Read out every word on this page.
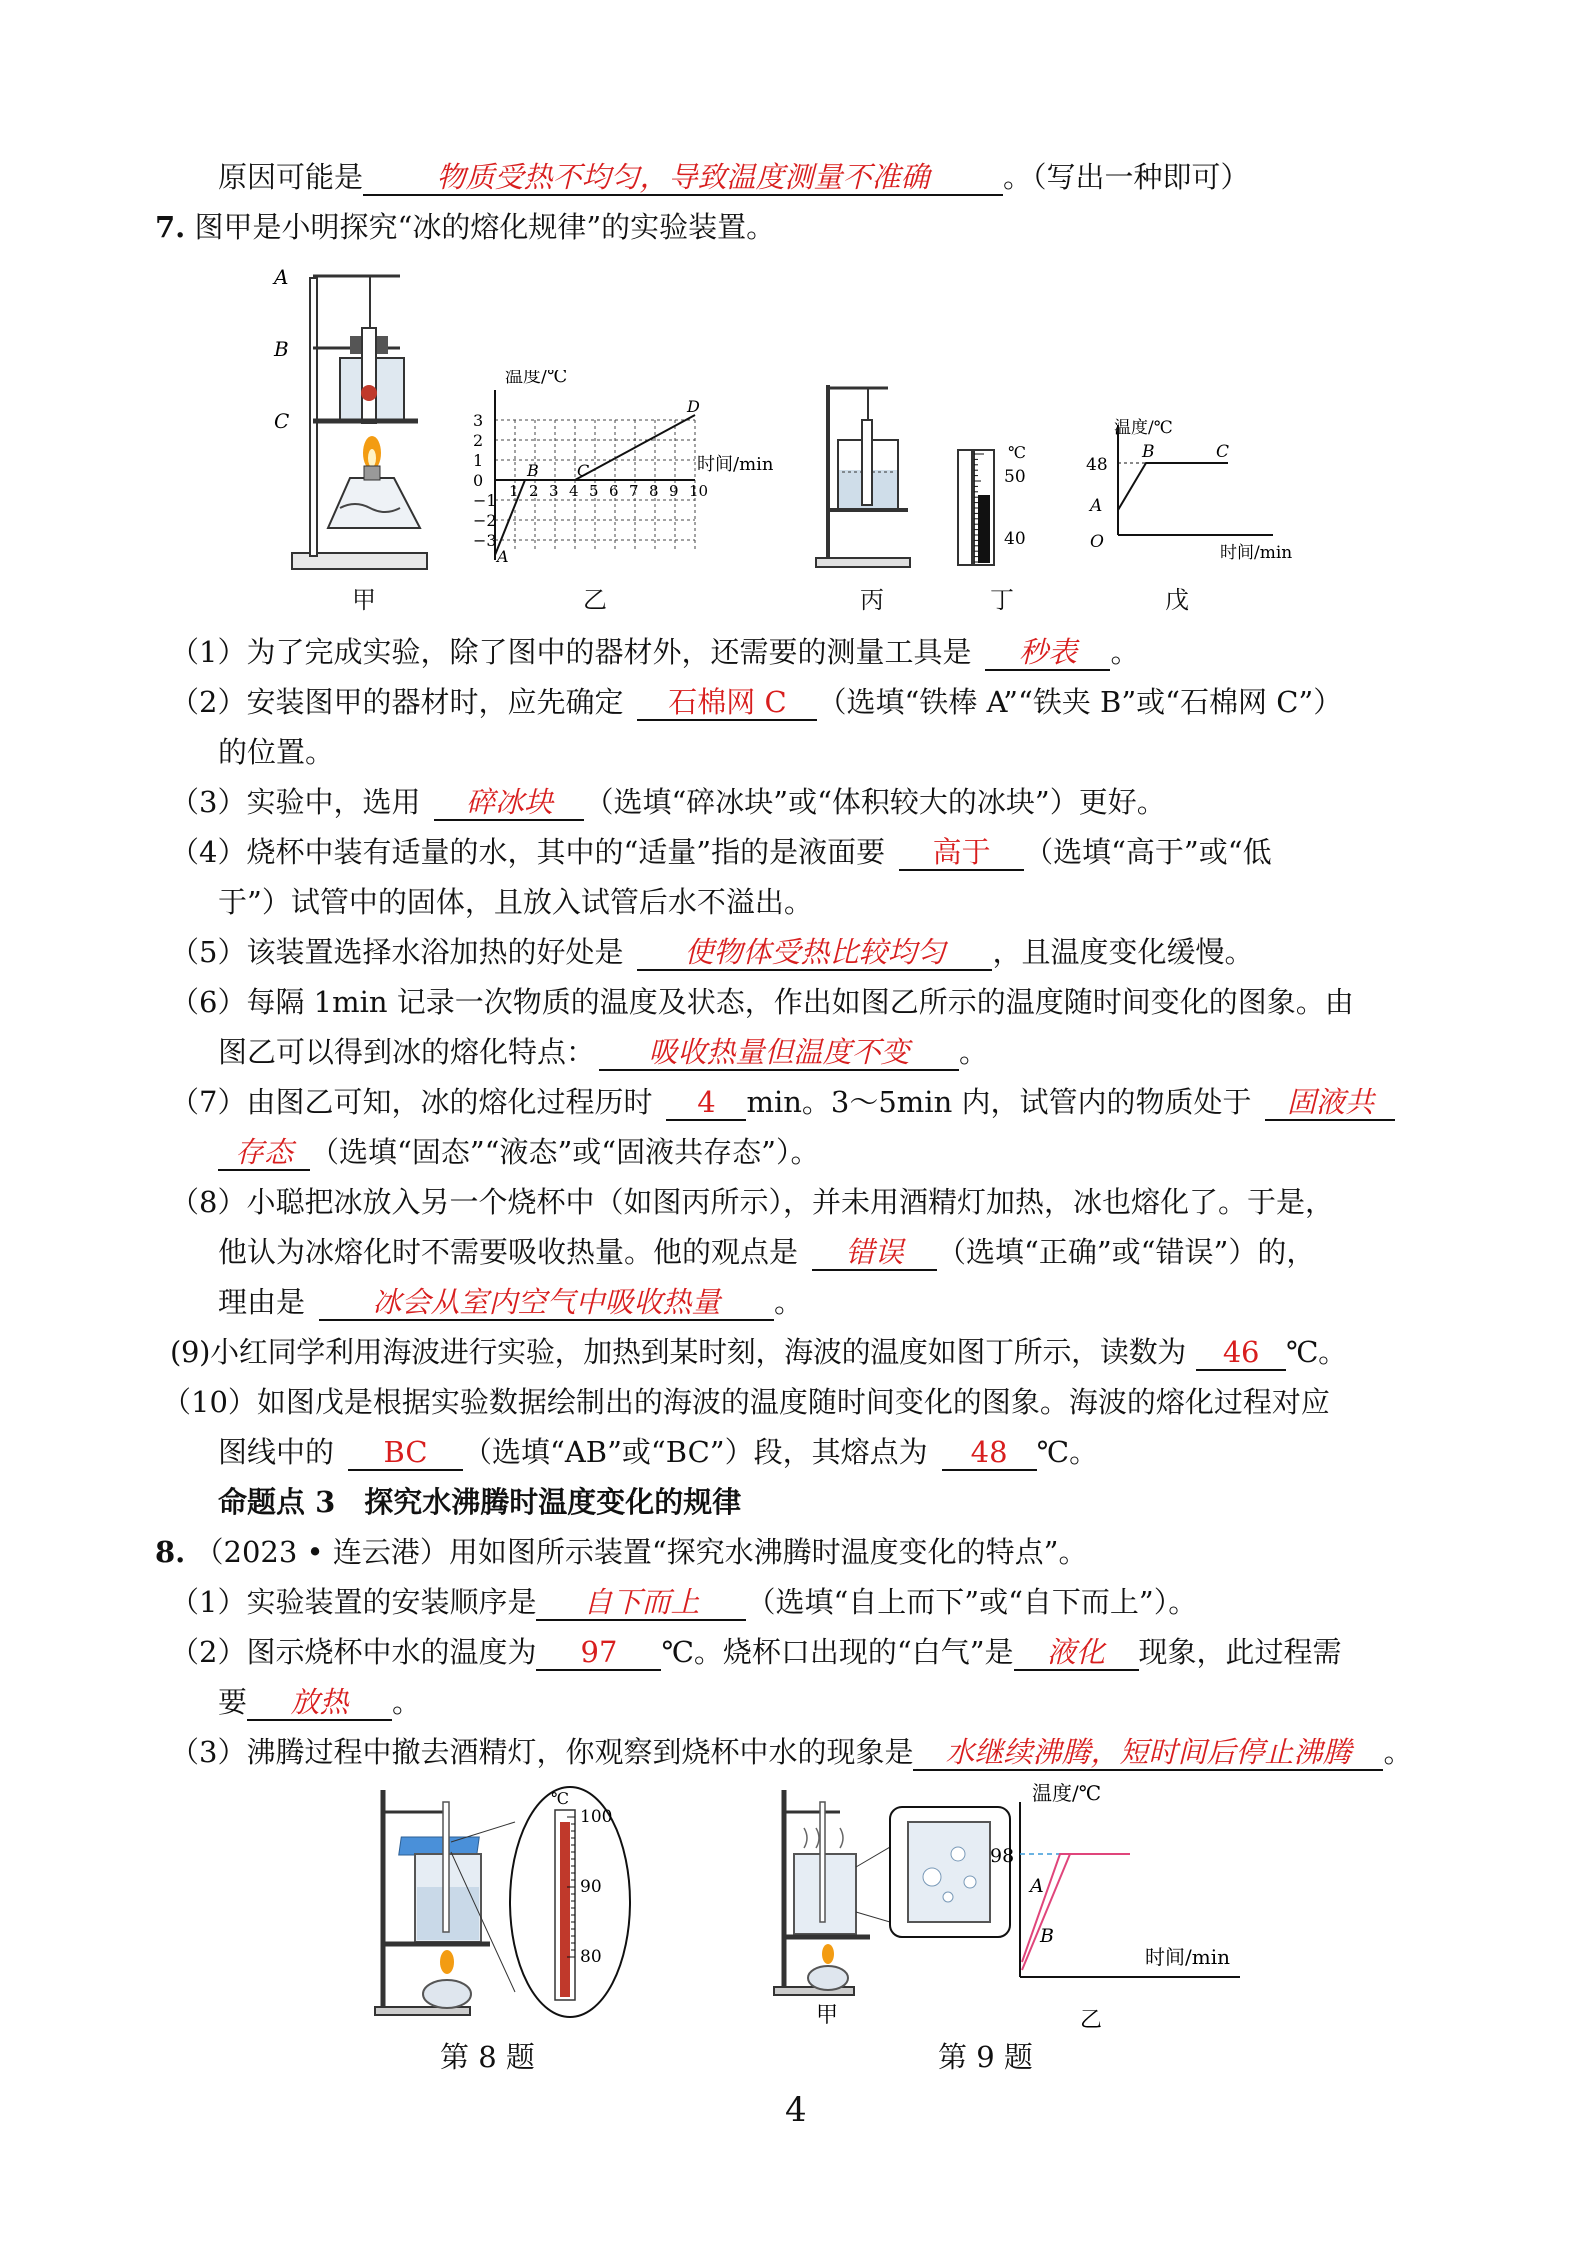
原因可能是	物质受热不均匀，导致温度测量不准确	。（写出一种即可）
7. 图甲是小明探究“冰的熔化规律”的实验装置。
A
B
C
甲
温度/℃
时间/min
3
2
1
0
−1
−2
−3
1 2 3 4 5 6 7 8 9 10
A
B C
D
乙	丙
℃
50
40
丁
温度/℃
时间/min
48
O
A
B	C
戊
（1）为了完成实验，除了图中的器材外，还需要的测量工具是 秒表 。
（2）安装图甲的器材时，应先确定 石棉网 C （选填“铁棒 A”“铁夹 B”或“石棉网 C”）
的位置。
（3）实验中，选用 碎冰块 （选填“碎冰块”或“体积较大的冰块”）更好。
（4）烧杯中装有适量的水，其中的“适量”指的是液面要 高于 （选填“高于”或“低
于”）试管中的固体，且放入试管后水不溢出。
（5）该装置选择水浴加热的好处是 使物体受热比较均匀 ，且温度变化缓慢。
（6）每隔 1min 记录一次物质的温度及状态，作出如图乙所示的温度随时间变化的图象。由
图乙可以得到冰的熔化特点： 吸收热量但温度不变 。
（7）由图乙可知，冰的熔化过程历时 4 min。3～5min 内，试管内的物质处于 固液共
存态 （选填“固态”“液态”或“固液共存态”）。
（8）小聪把冰放入另一个烧杯中（如图丙所示），并未用酒精灯加热，冰也熔化了。于是，
他认为冰熔化时不需要吸收热量。他的观点是 错误 （选填“正确”或“错误”）的，
理由是 冰会从室内空气中吸收热量 。
(9)小红同学利用海波进行实验，加热到某时刻，海波的温度如图丁所示，读数为 46 ℃。
（10）如图戊是根据实验数据绘制出的海波的温度随时间变化的图象。海波的熔化过程对应
图线中的 BC （选填“AB”或“BC”）段，其熔点为 48 ℃。
命题点 3　探究水沸腾时温度变化的规律
8. （2023 • 连云港）用如图所示装置“探究水沸腾时温度变化的特点”。
（1）实验装置的安装顺序是 自下而上 （选填“自上而下”或“自下而上”）。
（2）图示烧杯中水的温度为 97 ℃。烧杯口出现的“白气”是 液化 现象，此过程需
要 放热 。
（3）沸腾过程中撤去酒精灯，你观察到烧杯中水的现象是 水继续沸腾，短时间后停止沸腾 。
℃
100
90
80
第 8 题
温度/℃
时间/min
98
A
B
甲	乙
第 9 题
4
